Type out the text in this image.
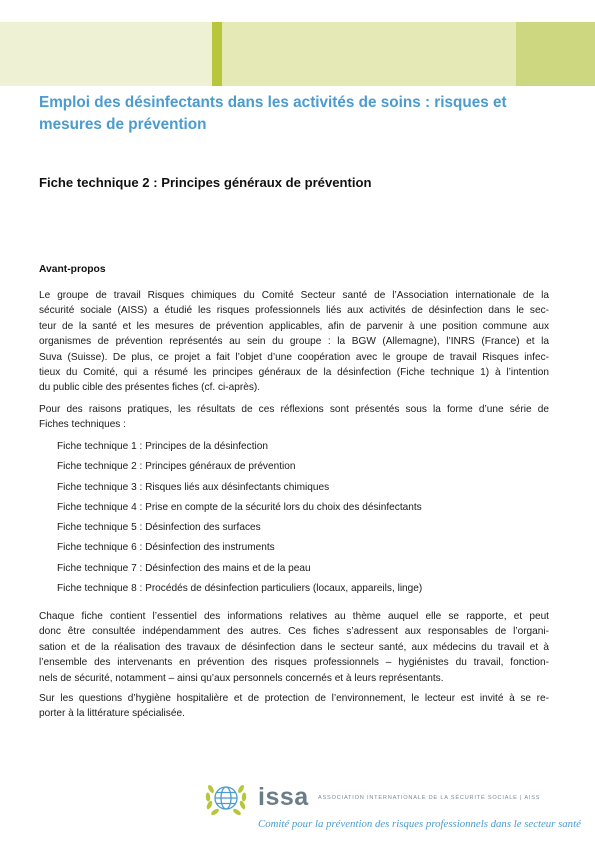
Emploi des désinfectants dans les activités de soins : risques et mesures de prévention
Fiche technique 2 : Principes généraux de prévention
Avant-propos
Le groupe de travail Risques chimiques du Comité Secteur santé de l’Association internationale de la
sécurité sociale (AISS) a étudié les risques professionnels liés aux activités de désinfection dans le sec-
teur de la santé et les mesures de prévention applicables, afin de parvenir à une position commune aux
organismes de prévention représentés au sein du groupe : la BGW (Allemagne), l’INRS (France) et la
Suva (Suisse). De plus, ce projet a fait l’objet d’une coopération avec le groupe de travail Risques infec-
tieux du Comité, qui a résumé les principes généraux de la désinfection (Fiche technique 1) à l’intention
du public cible des présentes fiches (cf. ci-après).
Pour des raisons pratiques, les résultats de ces réflexions sont présentés sous la forme d’une série de
Fiches techniques :
Fiche technique 1 : Principes de la désinfection
Fiche technique 2 : Principes généraux de prévention
Fiche technique 3 : Risques liés aux désinfectants chimiques
Fiche technique 4 : Prise en compte de la sécurité lors du choix des désinfectants
Fiche technique 5 : Désinfection des surfaces
Fiche technique 6 : Désinfection des instruments
Fiche technique 7 : Désinfection des mains et de la peau
Fiche technique 8 : Procédés de désinfection particuliers (locaux, appareils, linge)
Chaque fiche contient l’essentiel des informations relatives au thème auquel elle se rapporte, et peut
donc être consultée indépendamment des autres. Ces fiches s’adressent aux responsables de l’organi-
sation et de la réalisation des travaux de désinfection dans le secteur santé, aux médecins du travail et à
l’ensemble des intervenants en prévention des risques professionnels – hygiénistes du travail, fonction-
nels de sécurité, notamment – ainsi qu’aux personnels concernés et à leurs représentants.
Sur les questions d’hygiène hospitalière et de protection de l’environnement, le lecteur est invité à se re-
porter à la littérature spécialisée.
issa ASSOCIATION INTERNATIONALE DE LA SÉCURITÉ SOCIALE | AISS
Comité pour la prévention des risques professionnels dans le secteur santé
